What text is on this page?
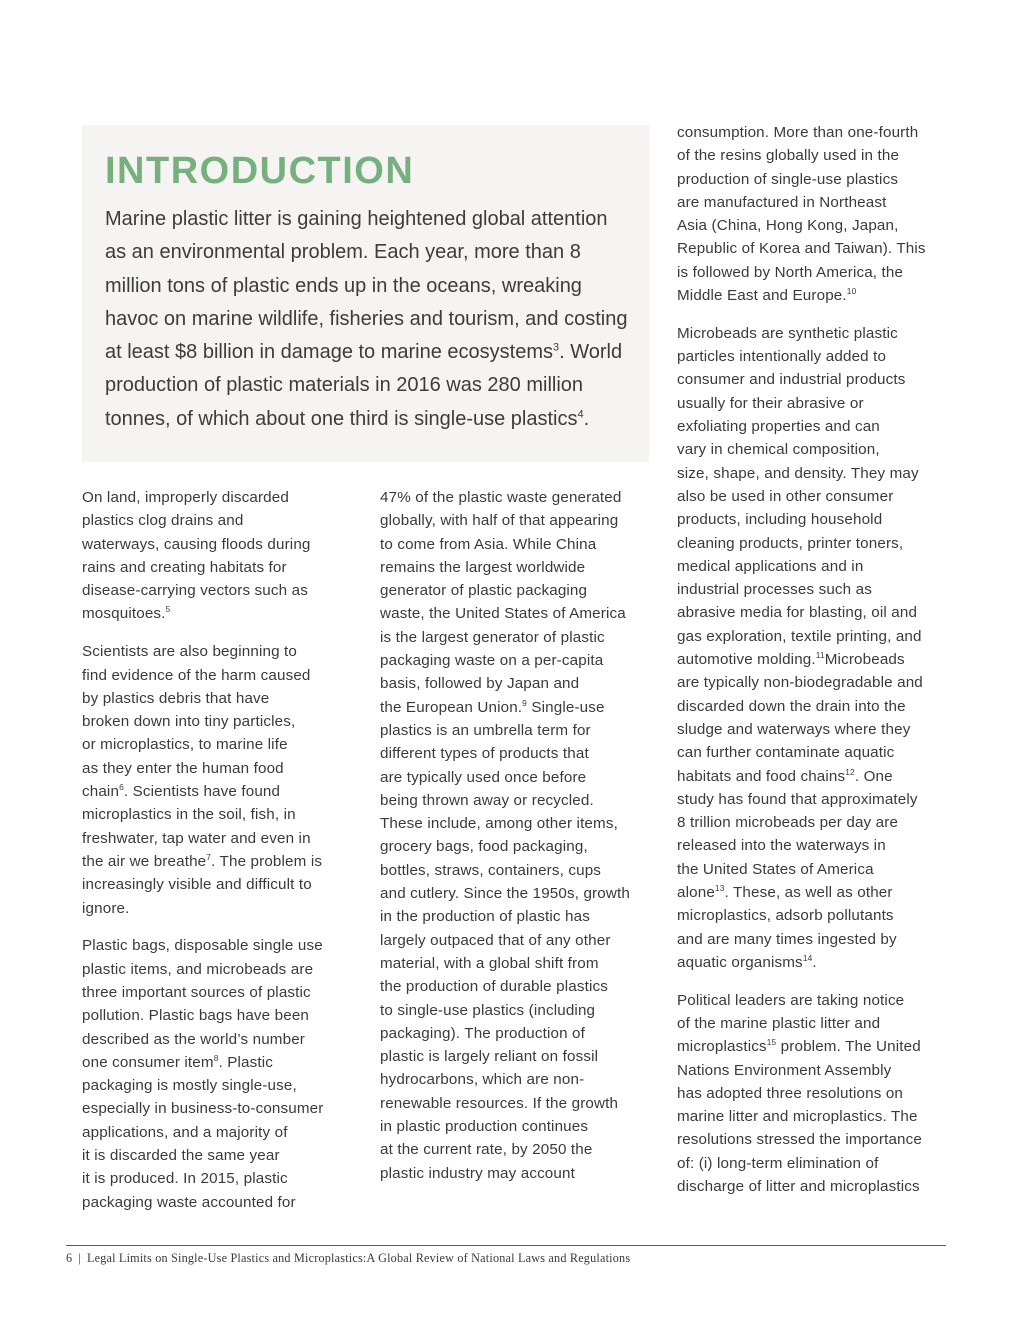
INTRODUCTION

Marine plastic litter is gaining heightened global attention
as an environmental problem. Each year, more than 8
million tons of plastic ends up in the oceans, wreaking
havoc on marine wildlife, fisheries and tourism, and costing
at least $8 billion in damage to marine ecosystems$^3$. World
production of plastic materials in 2016 was 280 million
tonnes, of which about one third is single-use plastics$^4$.

On land, improperly discarded
plastics clog drains and
waterways, causing floods during
rains and creating habitats for
disease-carrying vectors such as
mosquitoes.$^5$

Scientists are also beginning to
find evidence of the harm caused
by plastics debris that have
broken down into tiny particles,
or microplastics, to marine life
as they enter the human food
chain$^6$. Scientists have found
microplastics in the soil, fish, in
freshwater, tap water and even in
the air we breathe$^7$. The problem is
increasingly visible and difficult to
ignore.

Plastic bags, disposable single use
plastic items, and microbeads are
three important sources of plastic
pollution. Plastic bags have been
described as the world’s number
one consumer item$^8$. Plastic
packaging is mostly single-use,
especially in business-to-consumer
applications, and a majority of
it is discarded the same year
it is produced. In 2015, plastic
packaging waste accounted for

47% of the plastic waste generated
globally, with half of that appearing
to come from Asia. While China
remains the largest worldwide
generator of plastic packaging
waste, the United States of America
is the largest generator of plastic
packaging waste on a per-capita
basis, followed by Japan and
the European Union.$^9$ Single-use
plastics is an umbrella term for
different types of products that
are typically used once before
being thrown away or recycled.
These include, among other items,
grocery bags, food packaging,
bottles, straws, containers, cups
and cutlery. Since the 1950s, growth
in the production of plastic has
largely outpaced that of any other
material, with a global shift from
the production of durable plastics
to single-use plastics (including
packaging). The production of
plastic is largely reliant on fossil
hydrocarbons, which are non-
renewable resources. If the growth
in plastic production continues
at the current rate, by 2050 the
plastic industry may account

consumption. More than one-fourth
of the resins globally used in the
production of single-use plastics
are manufactured in Northeast
Asia (China, Hong Kong, Japan,
Republic of Korea and Taiwan). This
is followed by North America, the
Middle East and Europe.$^{10}$

Microbeads are synthetic plastic
particles intentionally added to
consumer and industrial products
usually for their abrasive or
exfoliating properties and can
vary in chemical composition,
size, shape, and density. They may
also be used in other consumer
products, including household
cleaning products, printer toners,
medical applications and in
industrial processes such as
abrasive media for blasting, oil and
gas exploration, textile printing, and
automotive molding.$^{11}$Microbeads
are typically non-biodegradable and
discarded down the drain into the
sludge and waterways where they
can further contaminate aquatic
habitats and food chains$^{12}$. One
study has found that approximately
8 trillion microbeads per day are
released into the waterways in
the United States of America
alone$^{13}$. These, as well as other
microplastics, adsorb pollutants
and are many times ingested by
aquatic organisms$^{14}$.

Political leaders are taking notice
of the marine plastic litter and
microplastics$^{15}$ problem. The United
Nations Environment Assembly
has adopted three resolutions on
marine litter and microplastics. The
resolutions stressed the importance
of: (i) long-term elimination of
discharge of litter and microplastics

6 | Legal Limits on Single-Use Plastics and Microplastics:A Global Review of National Laws and Regulations
